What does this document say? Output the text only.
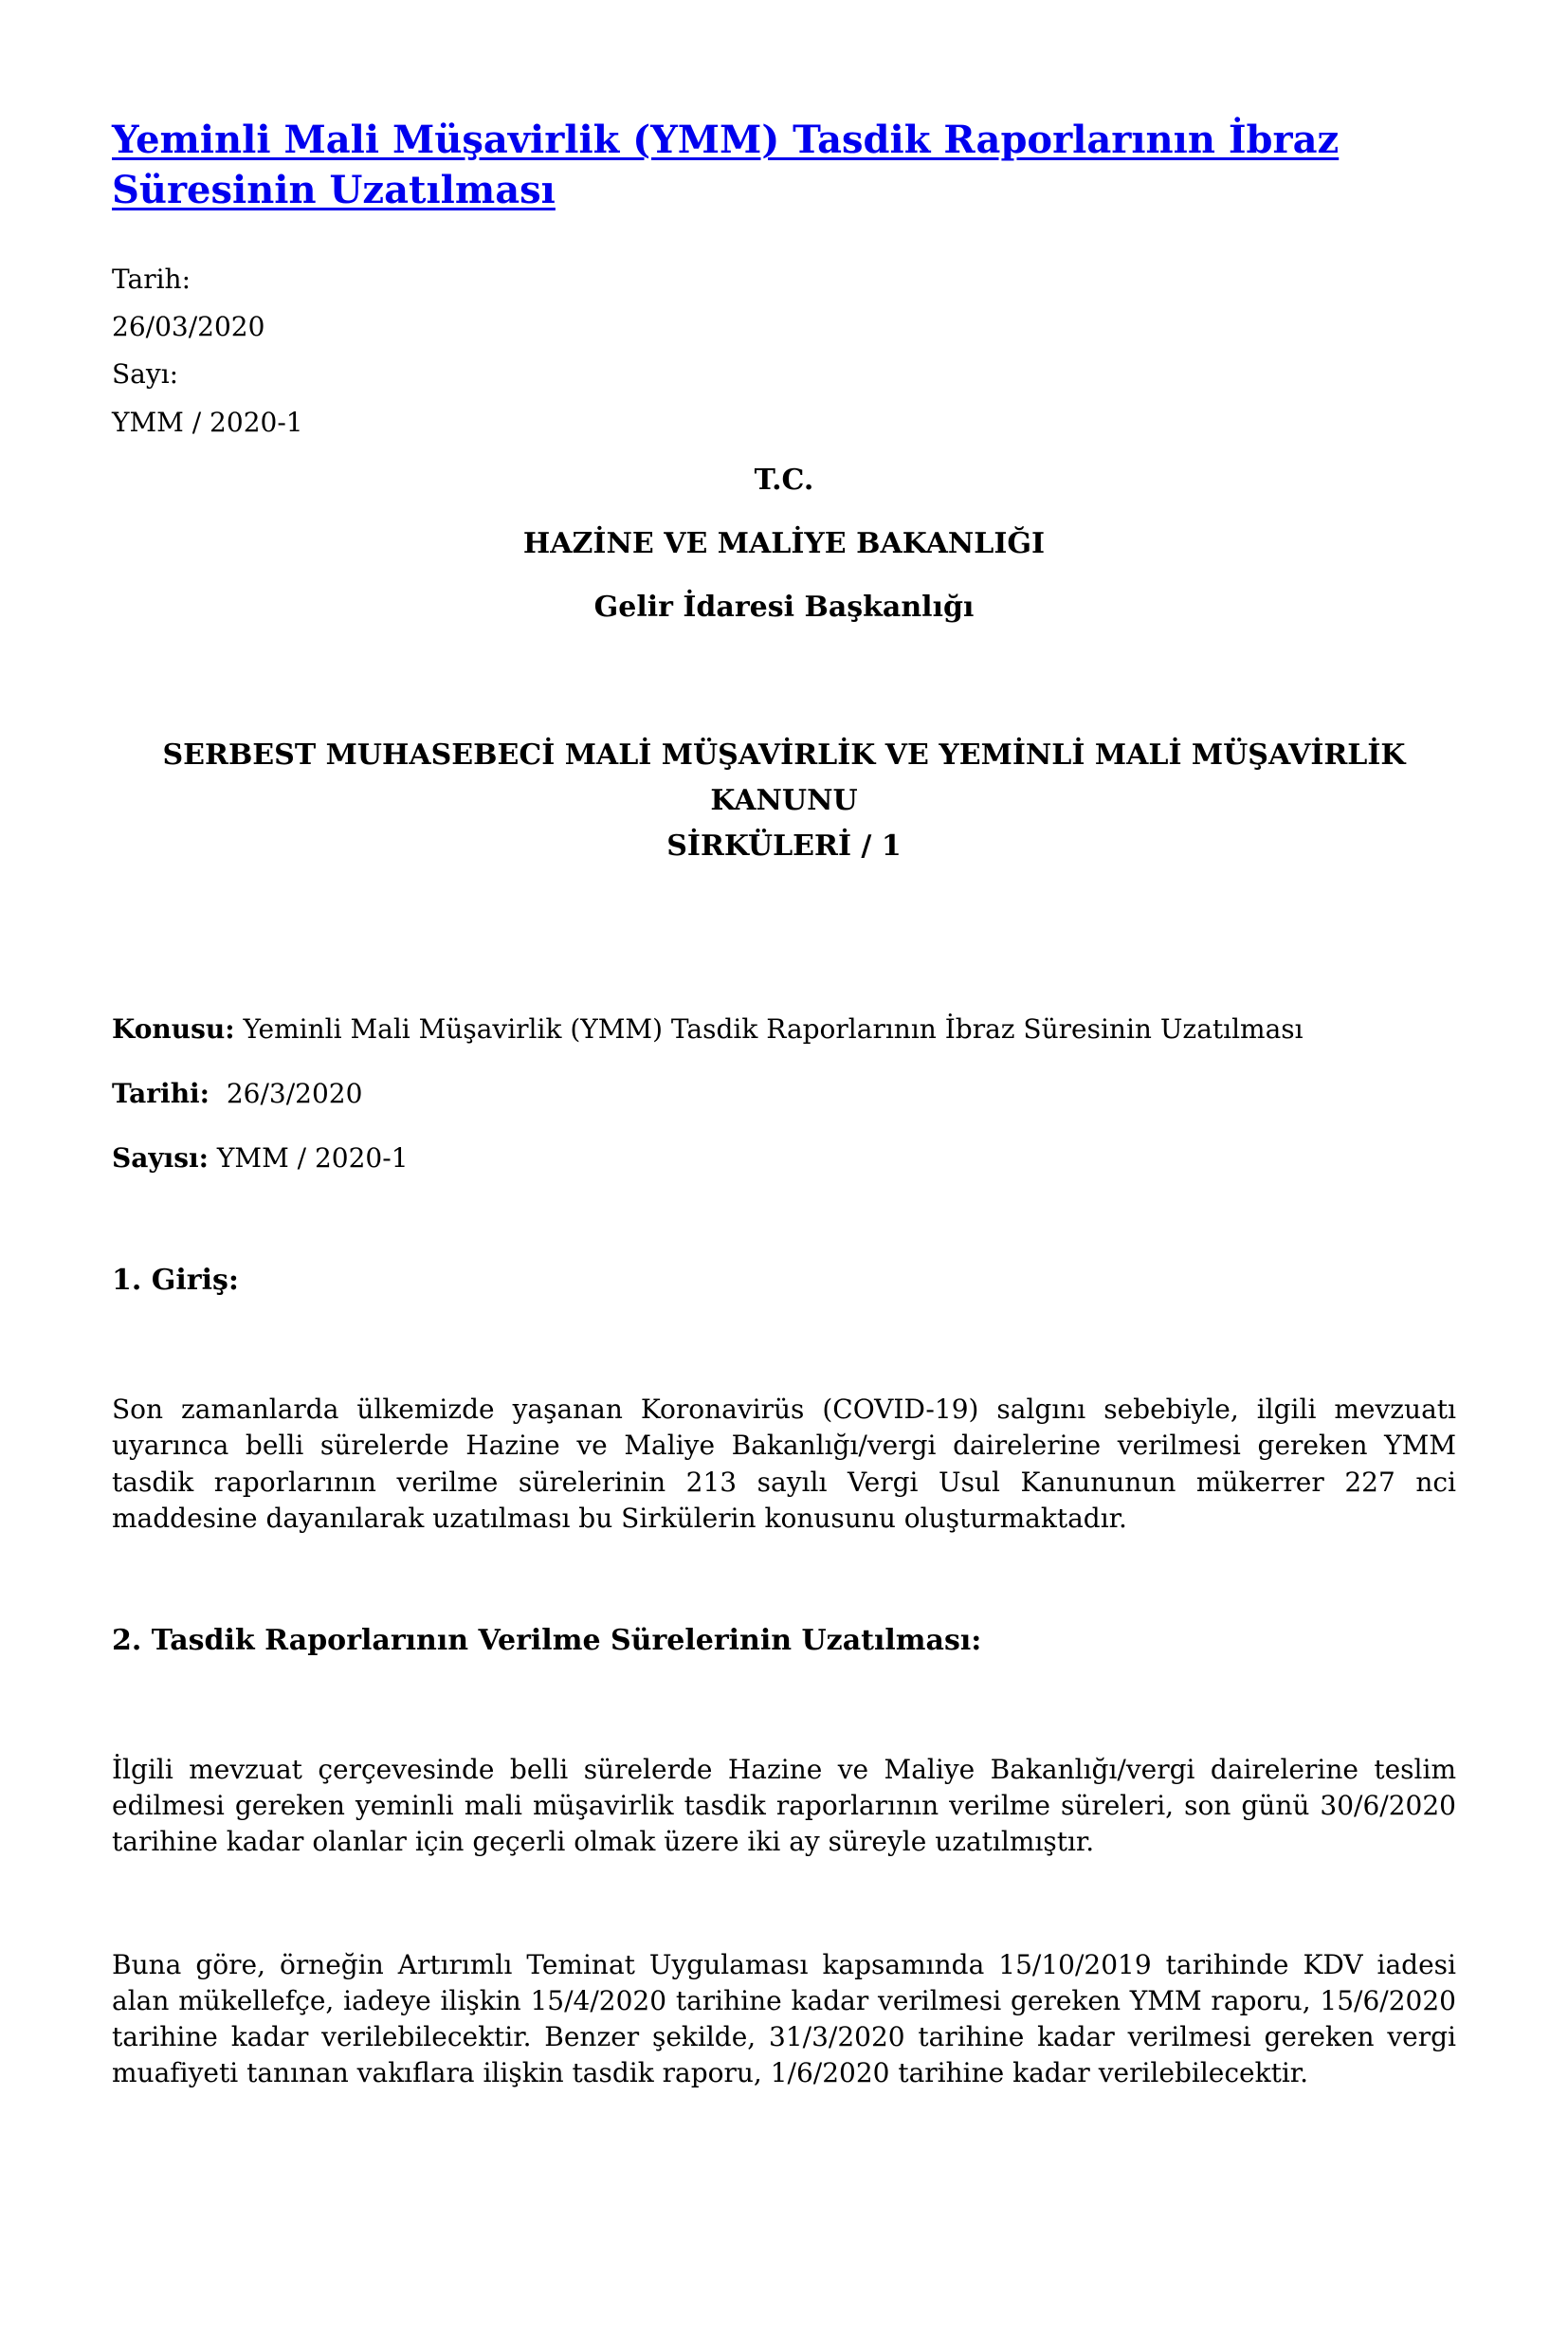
Yeminli Mali Müşavirlik (YMM) Tasdik Raporlarının İbraz Süresinin Uzatılması
Tarih:
26/03/2020
Sayı:
YMM / 2020-1
T.C.
HAZİNE VE MALİYE BAKANLIĞI
Gelir İdaresi Başkanlığı
SERBEST MUHASEBECİ MALİ MÜŞAVİRLİK VE YEMİNLİ MALİ MÜŞAVİRLİK KANUNU
SİRKÜLERİ / 1
Konusu: Yeminli Mali Müşavirlik (YMM) Tasdik Raporlarının İbraz Süresinin Uzatılması
Tarihi:  26/3/2020
Sayısı: YMM / 2020-1
1. Giriş:

Son zamanlarda ülkemizde yaşanan Koronavirüs (COVID-19) salgını sebebiyle, ilgili mevzuatı uyarınca belli sürelerde Hazine ve Maliye Bakanlığı/vergi dairelerine verilmesi gereken YMM tasdik raporlarının verilme sürelerinin 213 sayılı Vergi Usul Kanununun mükerrer 227 nci maddesine dayanılarak uzatılması bu Sirkülerin konusunu oluşturmaktadır.

2. Tasdik Raporlarının Verilme Sürelerinin Uzatılması:

İlgili mevzuat çerçevesinde belli sürelerde Hazine ve Maliye Bakanlığı/vergi dairelerine teslim edilmesi gereken yeminli mali müşavirlik tasdik raporlarının verilme süreleri, son günü 30/6/2020 tarihine kadar olanlar için geçerli olmak üzere iki ay süreyle uzatılmıştır.

Buna göre, örneğin Artırımlı Teminat Uygulaması kapsamında 15/10/2019 tarihinde KDV iadesi alan mükellefçe, iadeye ilişkin 15/4/2020 tarihine kadar verilmesi gereken YMM raporu, 15/6/2020 tarihine kadar verilebilecektir. Benzer şekilde, 31/3/2020 tarihine kadar verilmesi gereken vergi muafiyeti tanınan vakıflara ilişkin tasdik raporu, 1/6/2020 tarihine kadar verilebilecektir.
